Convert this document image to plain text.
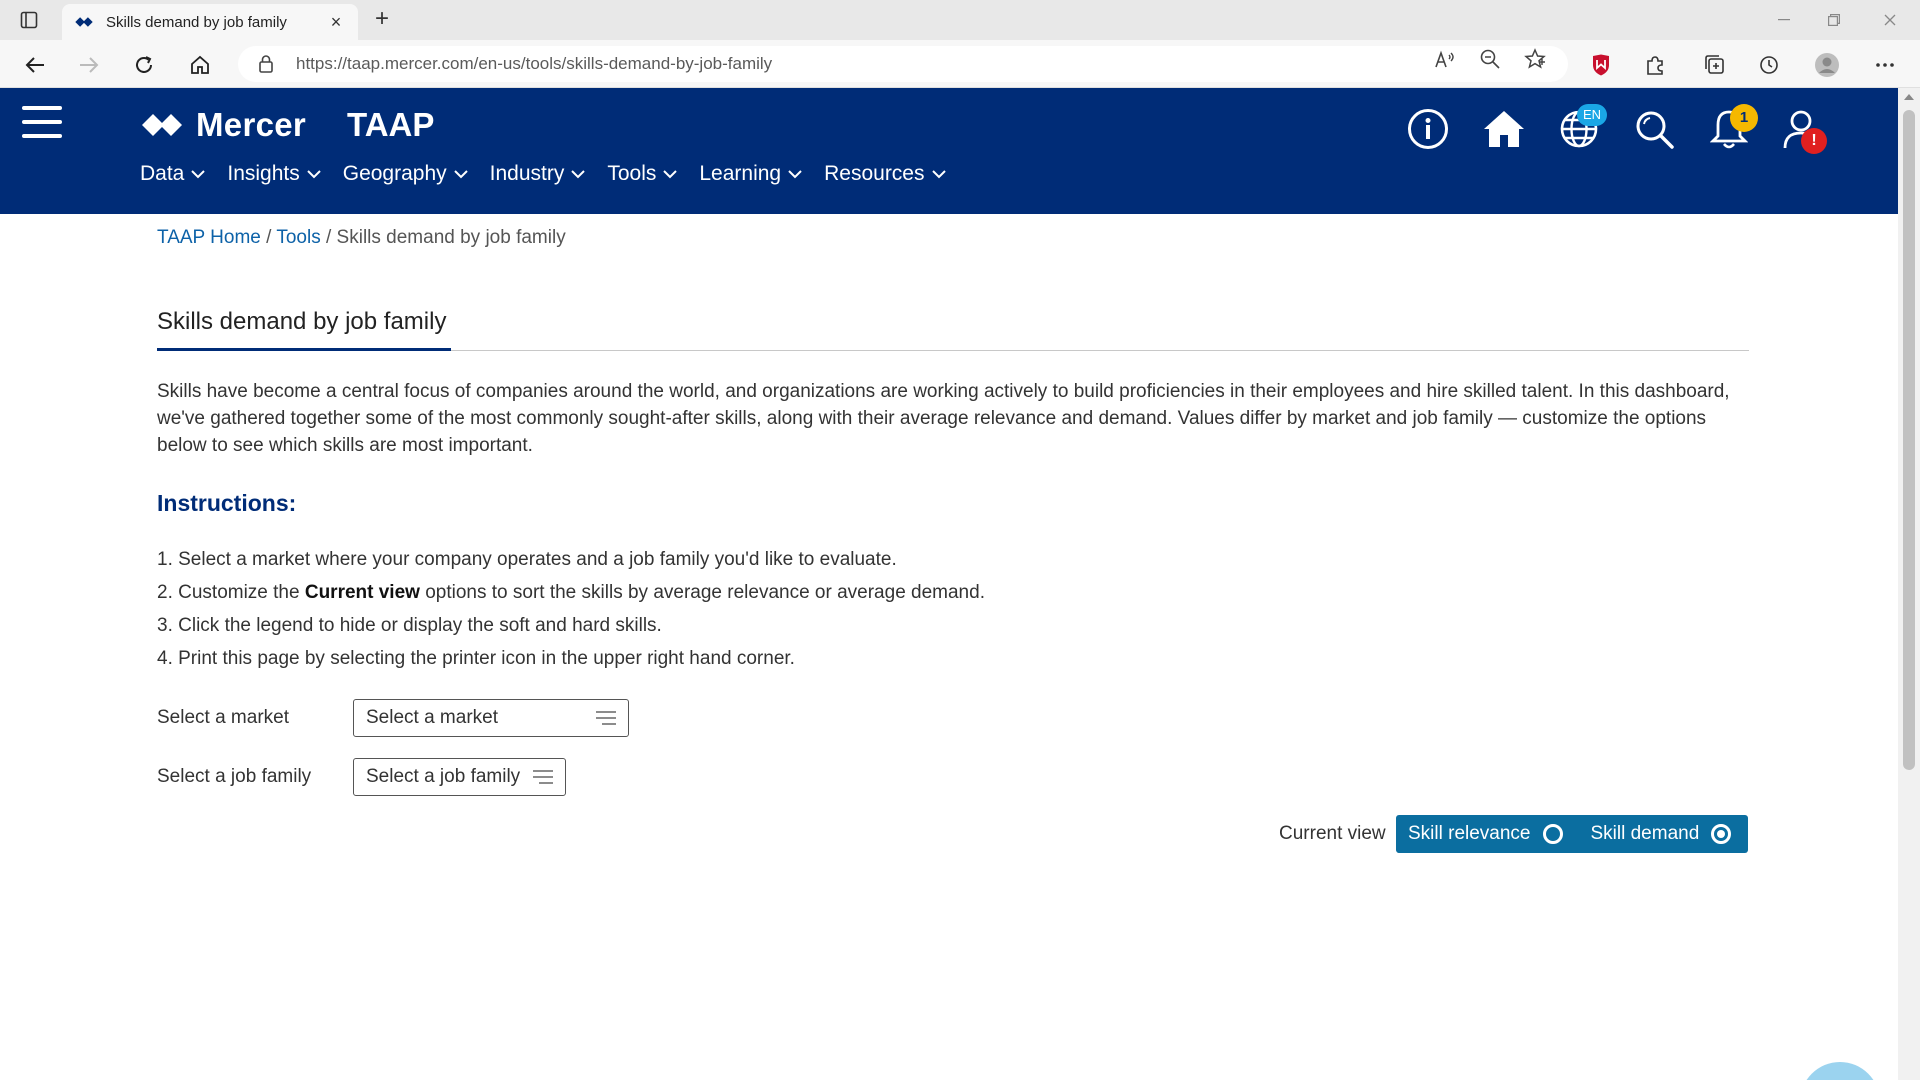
Skills demand by job family	× +
https://taap.mercer.com/en-us/tools/skills-demand-by-job-family
Mercer TAAP
Data Insights Geography Industry Tools Learning Resources
EN	1
!
TAAP Home / Tools / Skills demand by job family
Skills demand by job family

Skills have become a central focus of companies around the world, and organizations are working actively to build proficiencies in their employees and hire skilled talent. In this dashboard, we've gathered together some of the most commonly sought-after skills, along with their average relevance and demand. Values differ by market and job family — customize the options below to see which skills are most important.

Instructions:
1. Select a market where your company operates and a job family you'd like to evaluate.
2. Customize the Current view options to sort the skills by average relevance or average demand.
3. Click the legend to hide or display the soft and hard skills.
4. Print this page by selecting the printer icon in the upper right hand corner.
Select a market	Select a market
Select a job family	Select a job family
Current view Skill relevance	Skill demand
